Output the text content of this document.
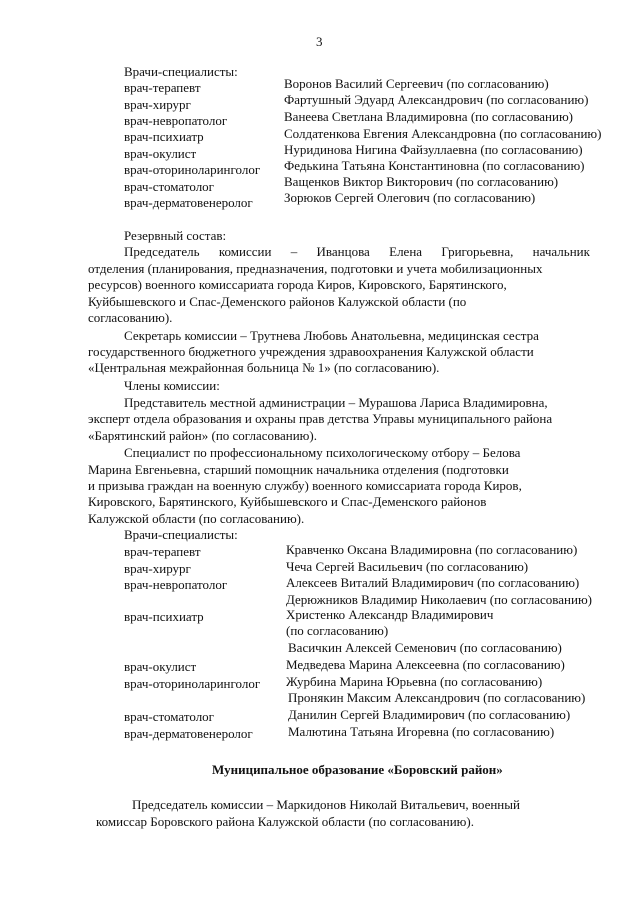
3
Врачи-специалисты:
врач-терапевт	Воронов Василий Сергеевич (по согласованию)
врач-хирург	Фартушный Эдуард Александрович (по согласованию)
врач-невропатолог	Ванеева Светлана Владимировна (по согласованию)
врач-психиатр	Солдатенкова Евгения Александровна (по согласованию)
врач-окулист	Нуридинова Нигина Файзуллаевна (по согласованию)
врач-оториноларинголог Федькина Татьяна Константиновна (по согласованию)
врач-стоматолог	Ващенков Виктор Викторович (по согласованию)
врач-дерматовенеролог Зорюков Сергей Олегович (по согласованию)
Резервный состав:
Председатель комиссии – Иванцова Елена Григорьевна, начальник
отделения (планирования, предназначения, подготовки и учета мобилизационных
ресурсов) военного комиссариата города Киров, Кировского, Барятинского,
Куйбышевского и Спас-Деменского районов Калужской области (по
согласованию).
Секретарь комиссии – Трутнева Любовь Анатольевна, медицинская сестра
государственного бюджетного учреждения здравоохранения Калужской области
«Центральная межрайонная больница № 1» (по согласованию).
Члены комиссии:
Представитель местной администрации – Мурашова Лариса Владимировна,
эксперт отдела образования и охраны прав детства Управы муниципального района
«Барятинский район» (по согласованию).
Специалист по профессиональному психологическому отбору – Белова
Марина Евгеньевна, старший помощник начальника отделения (подготовки
и призыва граждан на военную службу) военного комиссариата города Киров,
Кировского, Барятинского, Куйбышевского и Спас-Деменского районов
Калужской области (по согласованию).
Врачи-специалисты:
врач-терапевт	Кравченко Оксана Владимировна (по согласованию)
врач-хирург	Чеча Сергей Васильевич (по согласованию)
врач-невропатолог	Алексеев Виталий Владимирович (по согласованию)
Дерюжников Владимир Николаевич (по согласованию)
врач-психиатр	Христенко Александр Владимирович
(по согласованию)
Васичкин Алексей Семенович (по согласованию)
врач-окулист	Медведева Марина Алексеевна (по согласованию)
врач-оториноларинголог Журбина Марина Юрьевна (по согласованию)
Пронякин Максим Александрович (по согласованию)
врач-стоматолог	Данилин Сергей Владимирович (по согласованию)
врач-дерматовенеролог	Малютина Татьяна Игоревна (по согласованию)
Муниципальное образование «Боровский район»
Председатель комиссии – Маркидонов Николай Витальевич, военный
комиссар Боровского района Калужской области (по согласованию).
